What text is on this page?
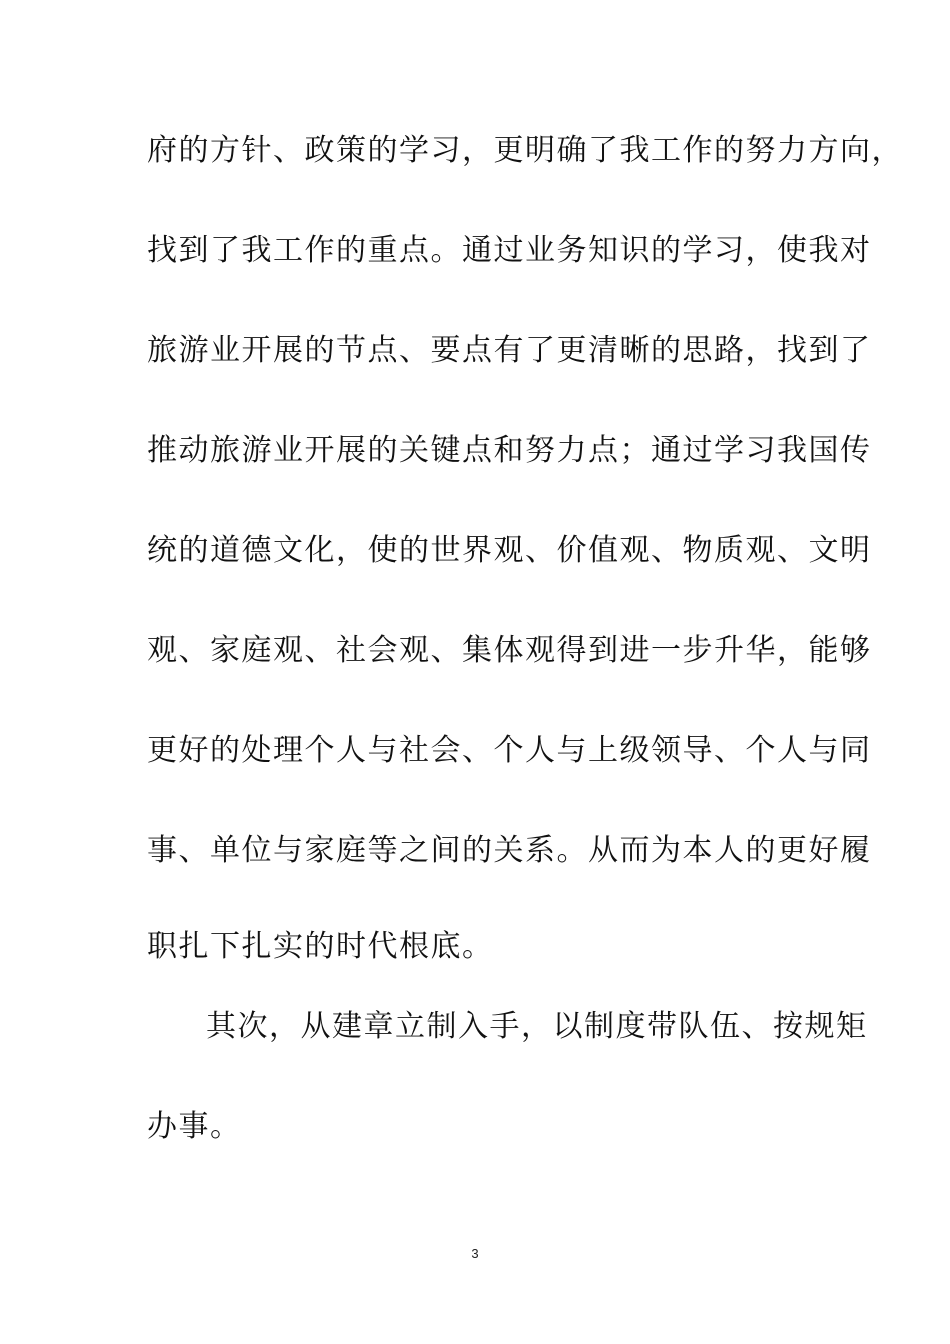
府的方针、政策的学习，更明确了我工作的努力方向，
找到了我工作的重点。通过业务知识的学习，使我对
旅游业开展的节点、要点有了更清晰的思路，找到了
推动旅游业开展的关键点和努力点；通过学习我国传
统的道德文化，使的世界观、价值观、物质观、文明
观、家庭观、社会观、集体观得到进一步升华，能够
更好的处理个人与社会、个人与上级领导、个人与同
事、单位与家庭等之间的关系。从而为本人的更好履
职扎下扎实的时代根底。
其次，从建章立制入手，以制度带队伍、按规矩
办事。
3
